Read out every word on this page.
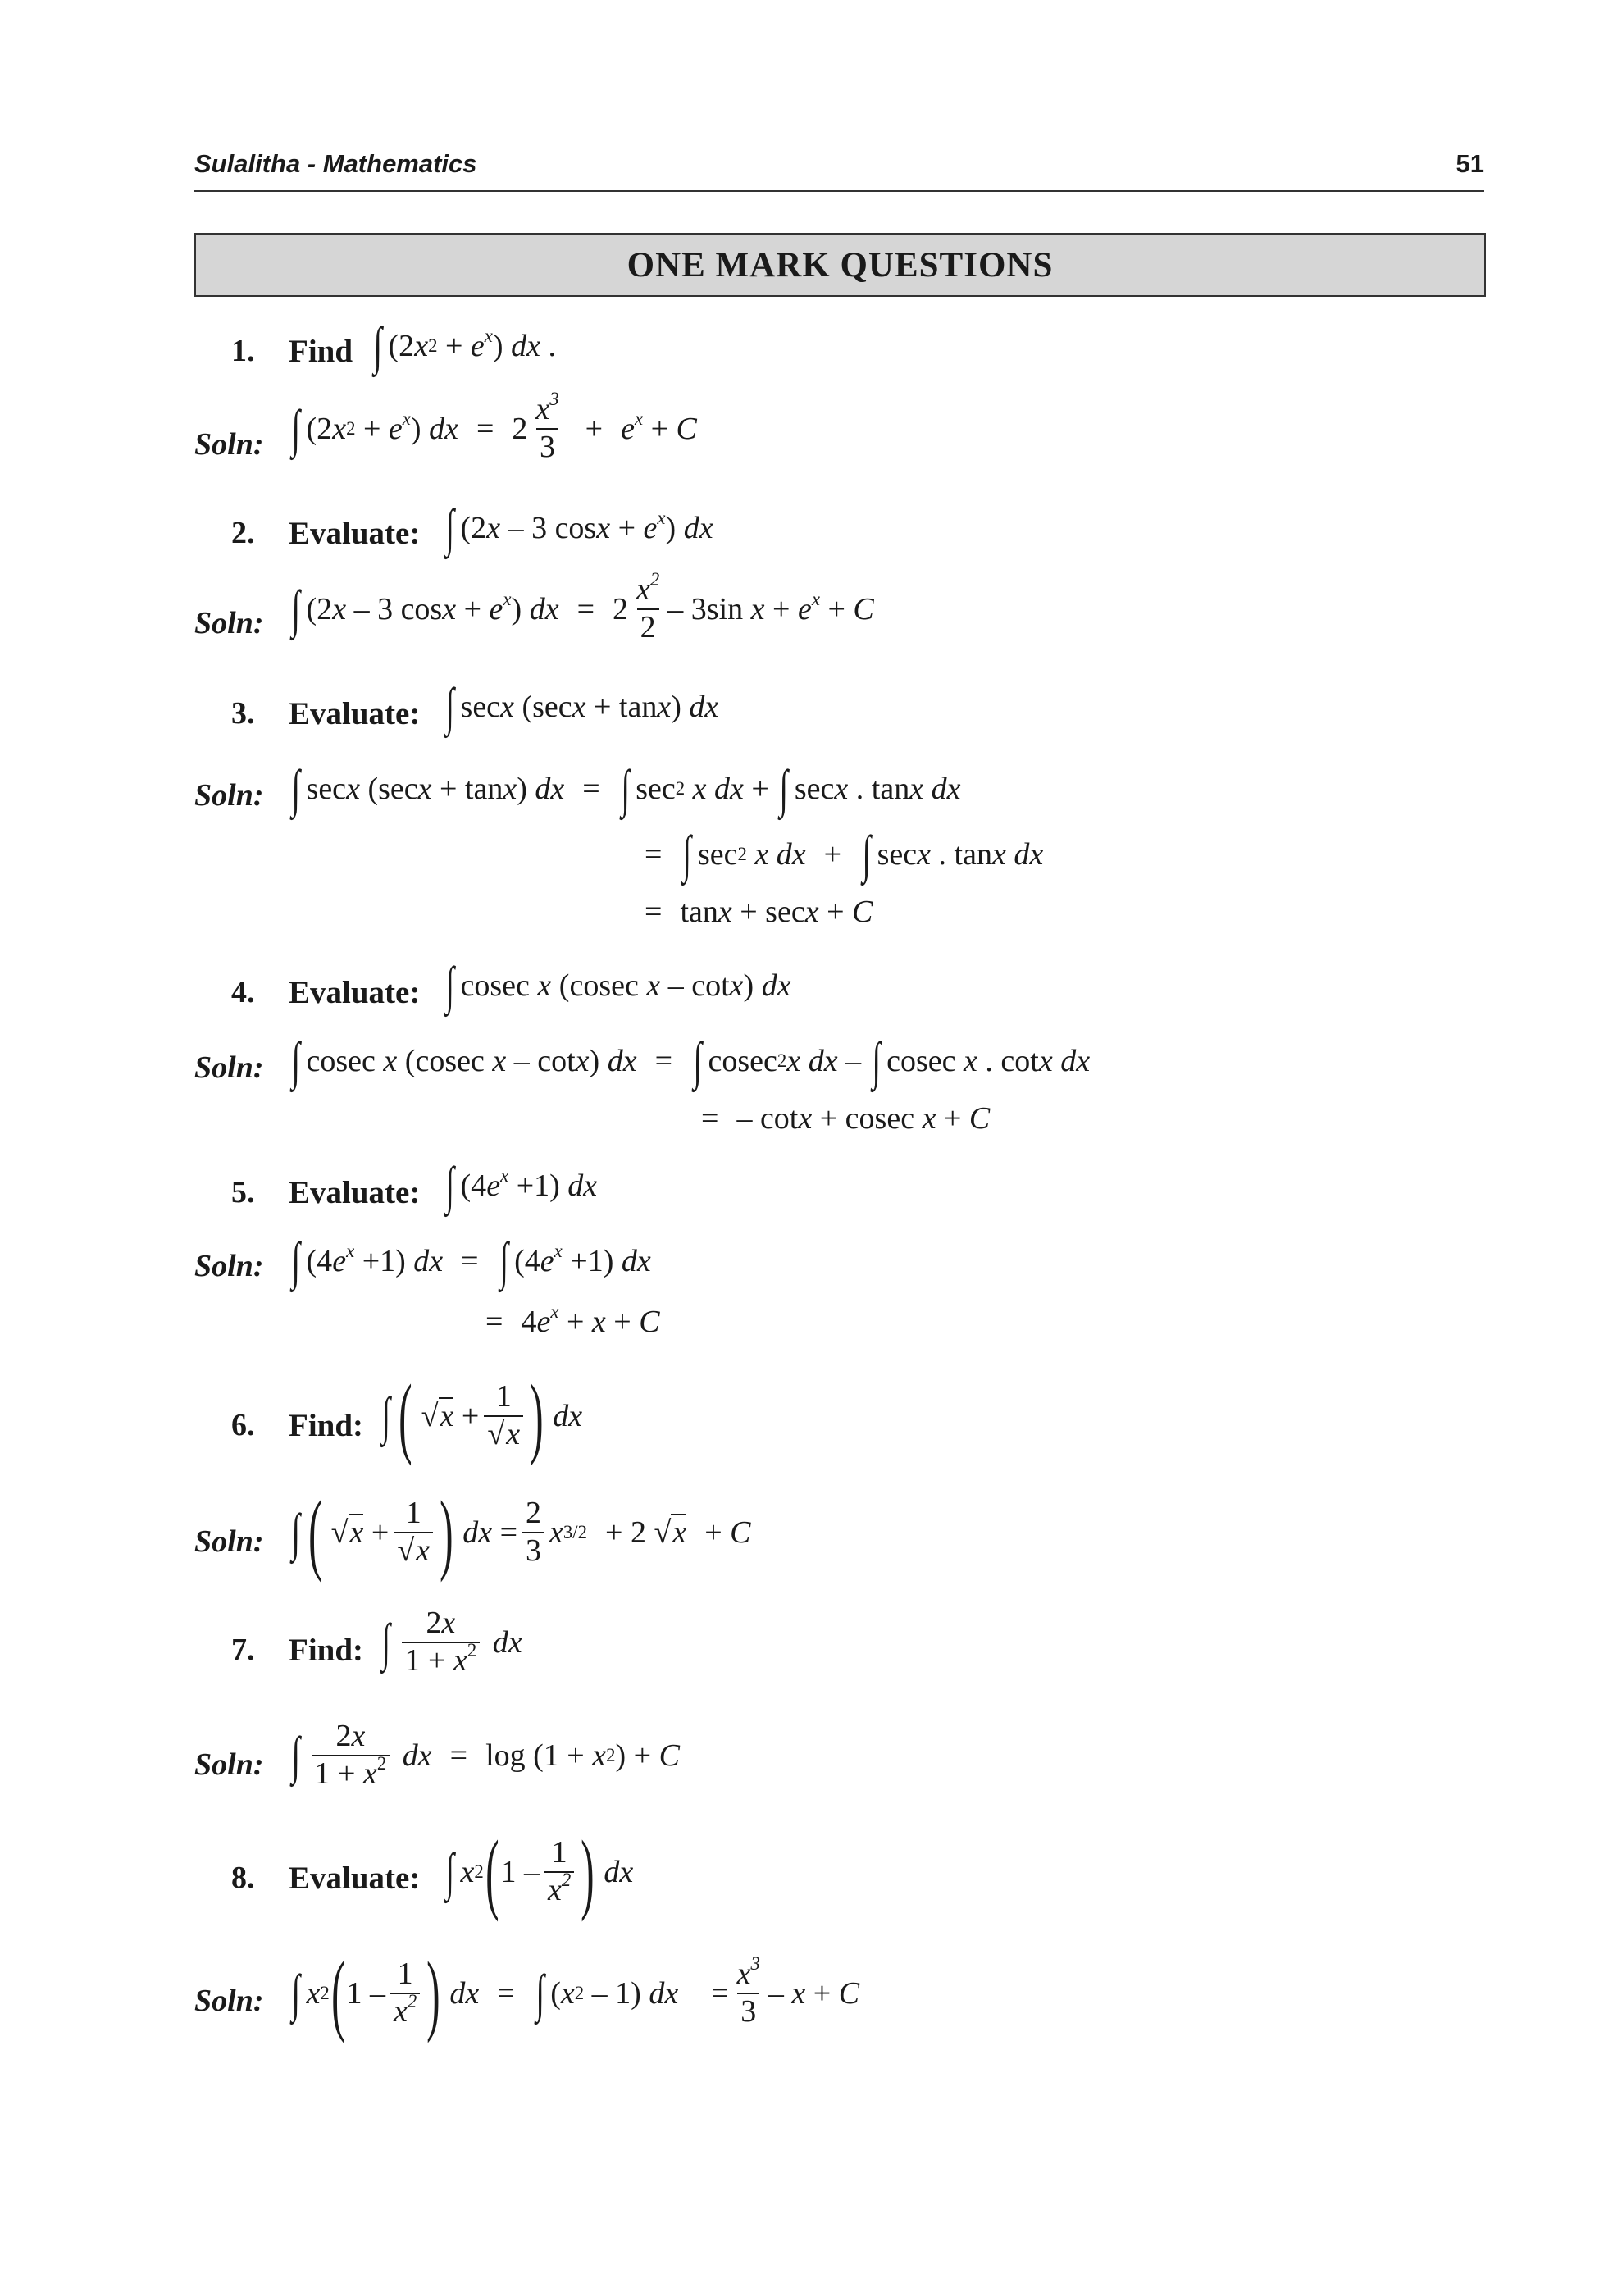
Sulalitha - Mathematics	51
ONE MARK QUESTIONS
1. Find ∫ (2 x $2 + e^x$ ) dx .
Soln: ∫ (2 x $2 + e^x$ ) dx = $2 \frac{x^3}{3} + e^x + C$
2. Evaluate: ∫ (2 x – 3 $\cos x + e^x$ ) dx
Soln: ∫ (2 x – 3 $\cos x + e^x$ ) dx = $2 \frac{x^2}{2} - 3\sin$ $x + e^x + C$
3. Evaluate: ∫ sec x (sec x + tan x ) dx
Soln: ∫ sec x (sec x + tan x ) dx = ∫ sec 2
x
dx + ∫ sec x . tan x
dx
= ∫ sec 2
x
dx + ∫ sec x . tan x
dx
= tan x + sec x + C
4. Evaluate: ∫ cosec x (cosec x – cot x ) dx
Soln: ∫ cosec x (cosec x – cot x ) dx = ∫ cosec 2 x
dx – ∫ cosec x . cot x
dx
= – cot x + cosec x + C
5. Evaluate: ∫ (4 $e^x +1$) dx
Soln: ∫ (4 $e^x +1$) dx = ∫ (4 $e^x +1$) dx
= 4 $e^x + x + C$
6. Find: ∫ (
$√x + \frac{1}{√x}$ )
dx
Soln: ∫ (
$√x + \frac{1}{√x}$ )
dx = $\frac{2}{3}$ x 3/2 + 2 √x + C
7. Find: ∫ $\frac{2x}{1 + x^2}$
dx
Soln: ∫ $\frac{2x}{1 + x^2}$
dx = log (1 + x 2 ) + C
8. Evaluate: ∫ x 2 ( $1 - \frac{1}{x^2}$ )
dx
Soln: ∫ x 2 ( $1 - \frac{1}{x^2}$ )
dx = ∫ ( x 2 – 1) dx = $\frac{x^3}{3} - x + C$
